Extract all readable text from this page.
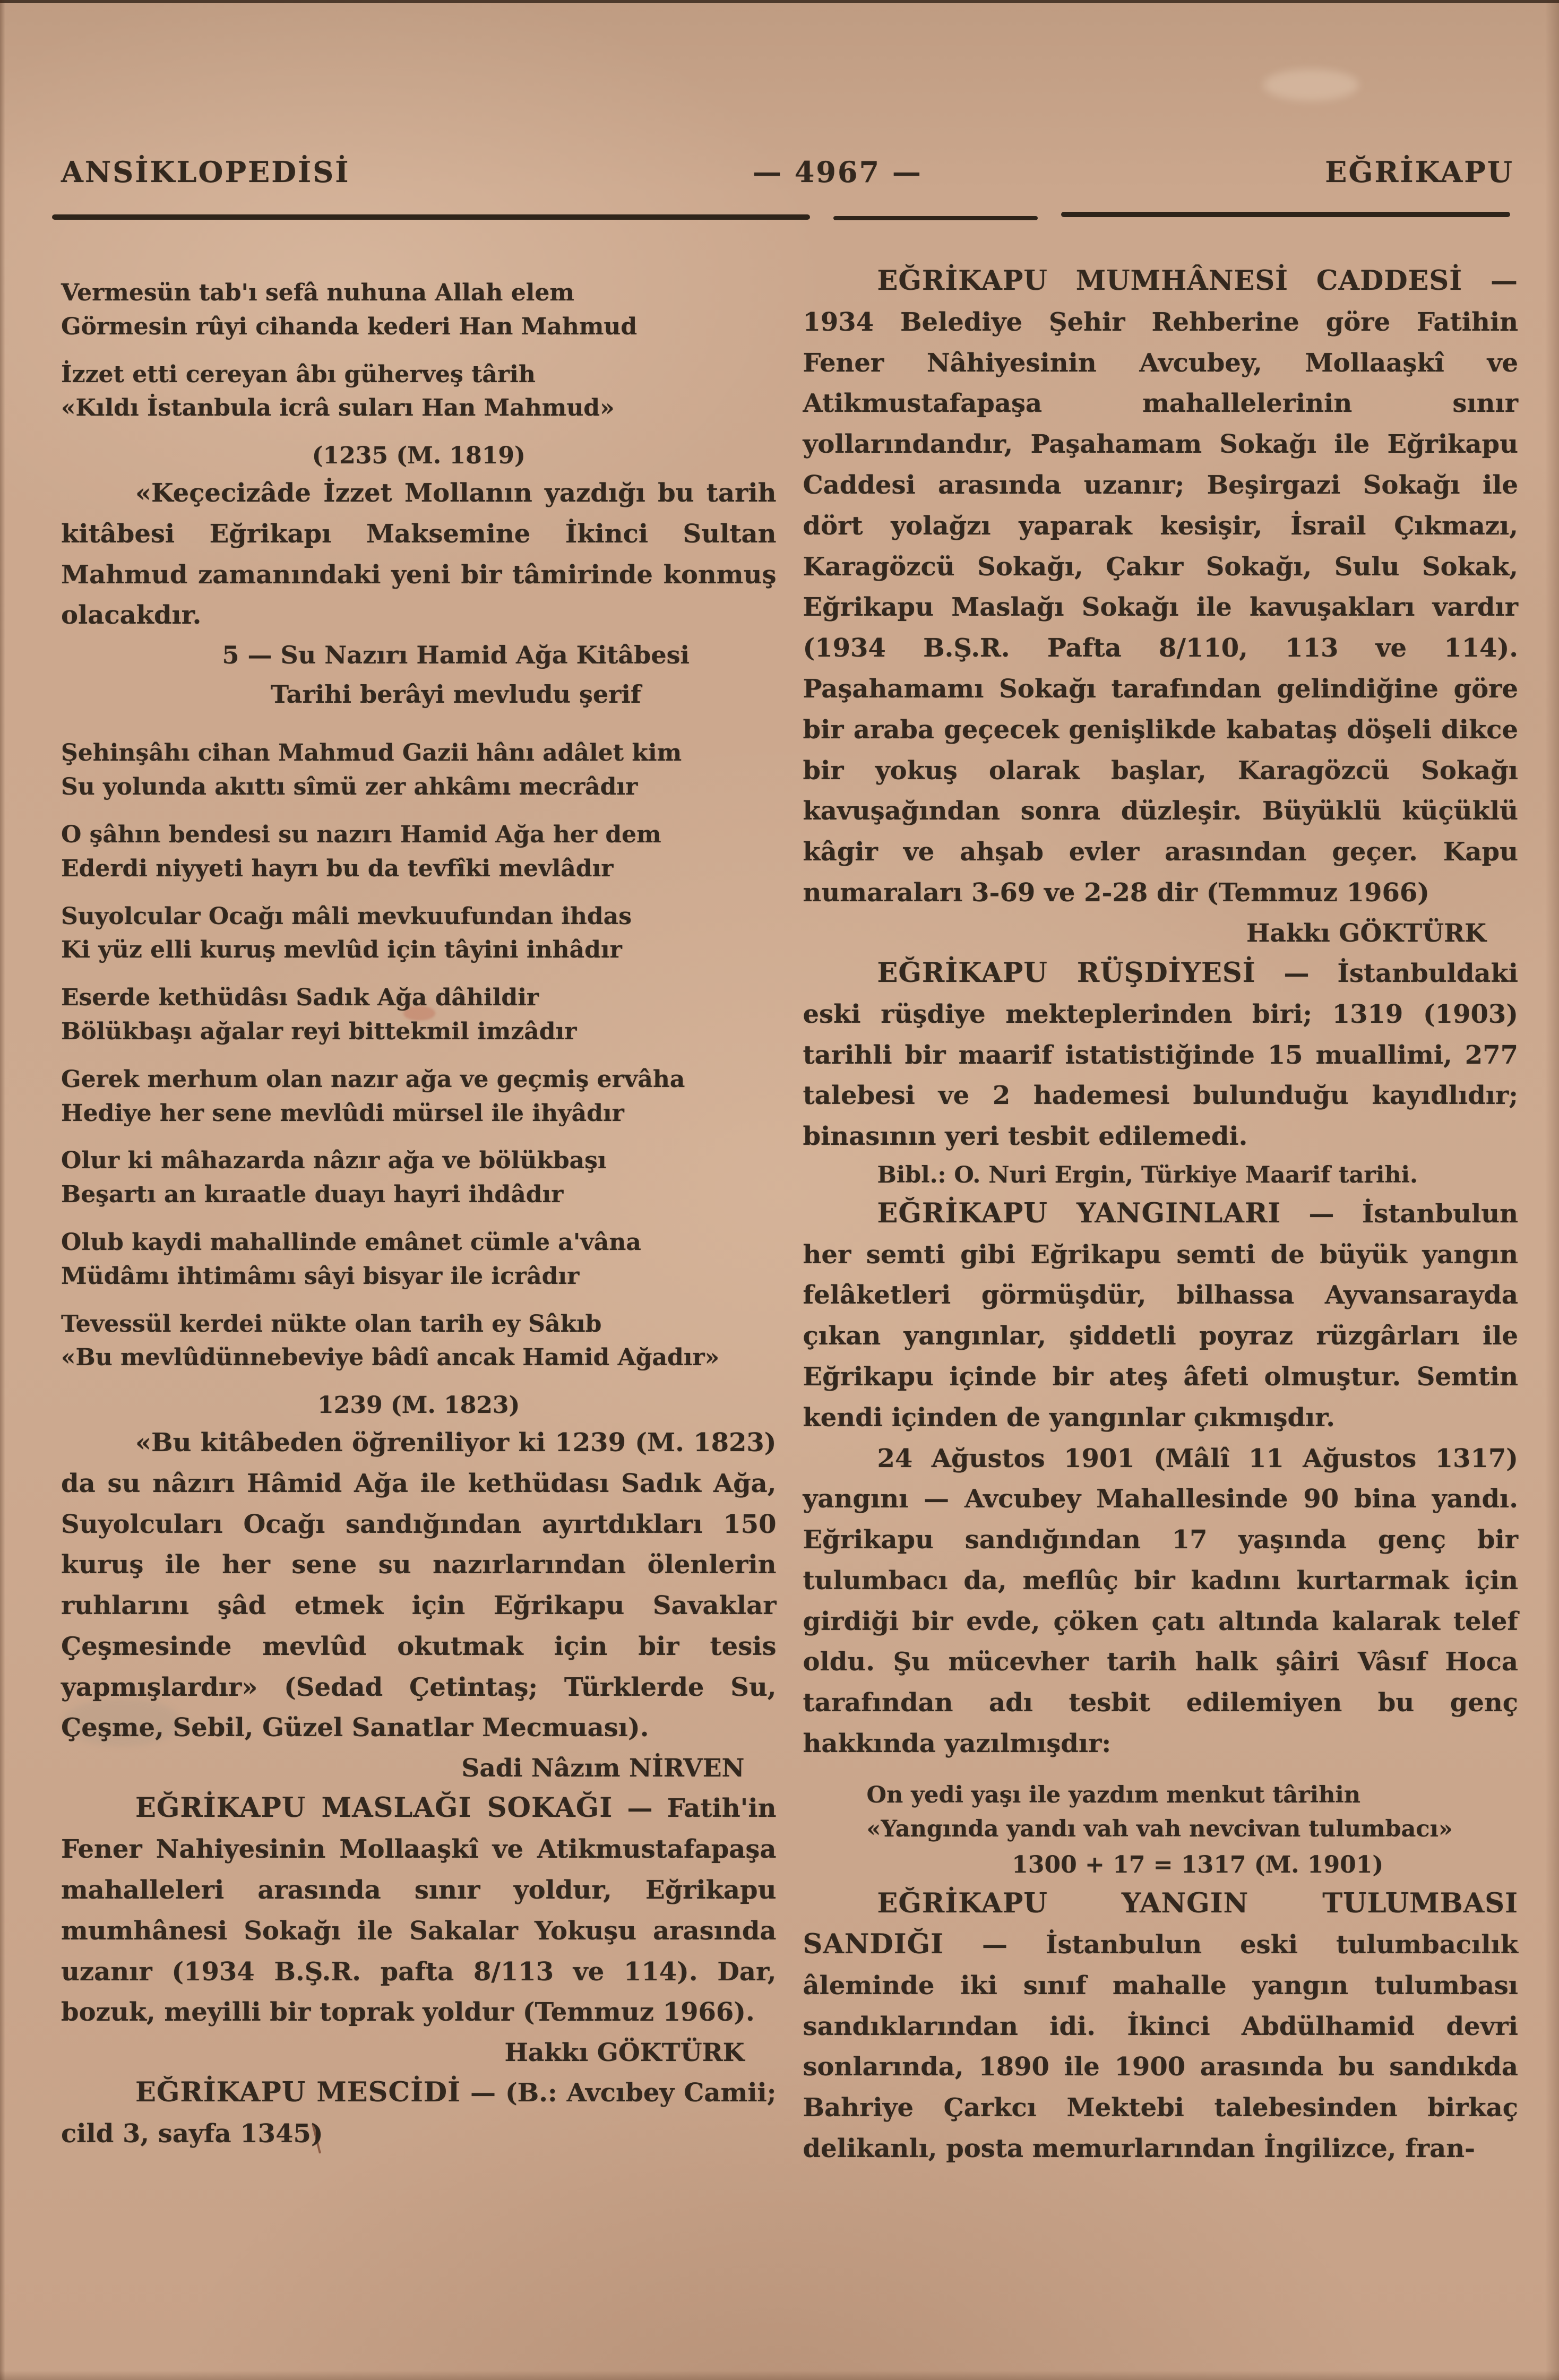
ANSİKLOPEDİSİ	— 4967 —	EĞRİKAPU
Vermesün tab'ı sefâ nuhuna Allah elem
Görmesin rûyi cihanda kederi Han Mahmud
İzzet etti cereyan âbı güherveş târih
«Kıldı İstanbula icrâ suları Han Mahmud»
(1235 (M. 1819)

«Keçecizâde İzzet Mollanın yazdığı bu tarih kitâbesi Eğrikapı Maksemine İkinci Sultan Mahmud zamanındaki yeni bir tâmirinde konmuş olacakdır.

5 — Su Nazırı Hamid Ağa Kitâbesi

Tarihi berâyi mevludu şerif

Şehinşâhı cihan Mahmud Gazii hânı adâlet kim
Su yolunda akıttı sîmü zer ahkâmı mecrâdır
O şâhın bendesi su nazırı Hamid Ağa her dem
Ederdi niyyeti hayrı bu da tevfîki mevlâdır
Suyolcular Ocağı mâli mevkuufundan ihdas
Ki yüz elli kuruş mevlûd için tâyini inhâdır
Eserde kethüdâsı Sadık Ağa dâhildir
Bölükbaşı ağalar reyi bittekmil imzâdır
Gerek merhum olan nazır ağa ve geçmiş ervâha
Hediye her sene mevlûdi mürsel ile ihyâdır
Olur ki mâhazarda nâzır ağa ve bölükbaşı
Beşartı an kıraatle duayı hayri ihdâdır
Olub kaydi mahallinde emânet cümle a'vâna
Müdâmı ihtimâmı sâyi bisyar ile icrâdır
Tevessül kerdei nükte olan tarih ey Sâkıb
«Bu mevlûdünnebeviye bâdî ancak Hamid Ağadır»
1239 (M. 1823)

«Bu kitâbeden öğreniliyor ki 1239 (M. 1823) da su nâzırı Hâmid Ağa ile kethüdası Sadık Ağa, Suyolcuları Ocağı sandığından ayırtdıkları 150 kuruş ile her sene su nazırlarından ölenlerin ruhlarını şâd etmek için Eğrikapu Savaklar Çeşmesinde mevlûd okutmak için bir tesis yapmışlardır» (Sedad Çetintaş; Türklerde Su, Çeşme, Sebil, Güzel Sanatlar Mecmuası).

Sadi Nâzım NİRVEN

EĞRİKAPU MASLAĞI SOKAĞI — Fatih'in Fener Nahiyesinin Mollaaşkî ve Atikmustafapaşa mahalleleri arasında sınır yoldur, Eğrikapu mumhânesi Sokağı ile Sakalar Yokuşu arasında uzanır (1934 B.Ş.R. pafta 8/113 ve 114). Dar, bozuk, meyilli bir toprak yoldur (Temmuz 1966).

Hakkı GÖKTÜRK

EĞRİKAPU MESCİDİ — (B.: Avcıbey Camii; cild 3, sayfa 1345)

EĞRİKAPU MUMHÂNESİ CADDESİ — 1934 Belediye Şehir Rehberine göre Fatihin Fener Nâhiyesinin Avcubey, Mollaaşkî ve Atikmustafapaşa mahallelerinin sınır yollarındandır, Paşahamam Sokağı ile Eğrikapu Caddesi arasında uzanır; Beşirgazi Sokağı ile dört yolağzı yaparak kesişir, İsrail Çıkmazı, Karagözcü Sokağı, Çakır Sokağı, Sulu Sokak, Eğrikapu Maslağı Sokağı ile kavuşakları vardır (1934 B.Ş.R. Pafta 8/110, 113 ve 114). Paşahamamı Sokağı tarafından gelindiğine göre bir araba geçecek genişlikde kabataş döşeli dikce bir yokuş olarak başlar, Karagözcü Sokağı kavuşağından sonra düzleşir. Büyüklü küçüklü kâgir ve ahşab evler arasından geçer. Kapu numaraları 3-69 ve 2-28 dir (Temmuz 1966)

Hakkı GÖKTÜRK

EĞRİKAPU RÜŞDİYESİ — İstanbuldaki eski rüşdiye mekteplerinden biri; 1319 (1903) tarihli bir maarif istatistiğinde 15 muallimi, 277 talebesi ve 2 hademesi bulunduğu kayıdlıdır; binasının yeri tesbit edilemedi.

Bibl.: O. Nuri Ergin, Türkiye Maarif tarihi.

EĞRİKAPU YANGINLARI — İstanbulun her semti gibi Eğrikapu semti de büyük yangın felâketleri görmüşdür, bilhassa Ayvansarayda çıkan yangınlar, şiddetli poyraz rüzgârları ile Eğrikapu içinde bir ateş âfeti olmuştur. Semtin kendi içinden de yangınlar çıkmışdır.

24 Ağustos 1901 (Mâlî 11 Ağustos 1317) yangını — Avcubey Mahallesinde 90 bina yandı. Eğrikapu sandığından 17 yaşında genç bir tulumbacı da, meflûç bir kadını kurtarmak için girdiği bir evde, çöken çatı altında kalarak telef oldu. Şu mücevher tarih halk şâiri Vâsıf Hoca tarafından adı tesbit edilemiyen bu genç hakkında yazılmışdır:

On yedi yaşı ile yazdım menkut târihin
«Yangında yandı vah vah nevcivan tulumbacı»

1300 + 17 = 1317 (M. 1901)

EĞRİKAPU YANGIN TULUMBASI SANDIĞI — İstanbulun eski tulumbacılık âleminde iki sınıf mahalle yangın tulumbası sandıklarından idi. İkinci Abdülhamid devri sonlarında, 1890 ile 1900 arasında bu sandıkda Bahriye Çarkcı Mektebi talebesinden birkaç delikanlı, posta memurlarından İngilizce, fran-
